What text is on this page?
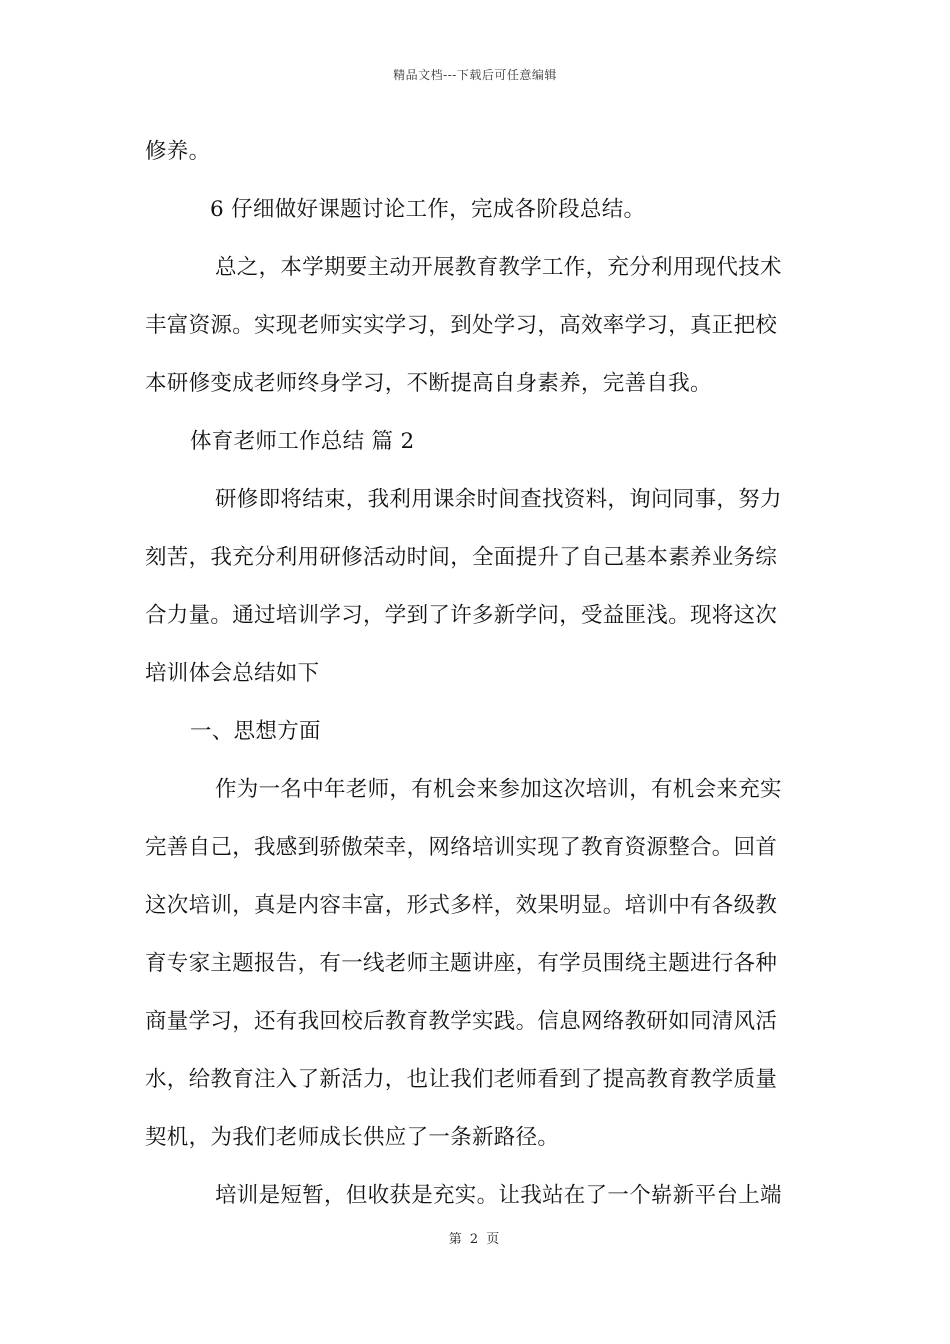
精品文档---下载后可任意编辑
修养。
6 仔细做好课题讨论工作，完成各阶段总结。
总之，本学期要主动开展教育教学工作，充分利用现代技术
丰富资源。实现老师实实学习，到处学习，高效率学习，真正把校
本研修变成老师终身学习，不断提高自身素养，完善自我。
体育老师工作总结 篇 2
研修即将结束，我利用课余时间查找资料，询问同事，努力
刻苦，我充分利用研修活动时间，全面提升了自己基本素养业务综
合力量。通过培训学习，学到了许多新学问，受益匪浅。现将这次
培训体会总结如下
一、思想方面
作为一名中年老师，有机会来参加这次培训，有机会来充实
完善自己，我感到骄傲荣幸，网络培训实现了教育资源整合。回首
这次培训，真是内容丰富，形式多样，效果明显。培训中有各级教
育专家主题报告，有一线老师主题讲座，有学员围绕主题进行各种
商量学习，还有我回校后教育教学实践。信息网络教研如同清风活
水，给教育注入了新活力，也让我们老师看到了提高教育教学质量
契机，为我们老师成长供应了一条新路径。
培训是短暂，但收获是充实。让我站在了一个崭新平台上端
第 2 页
